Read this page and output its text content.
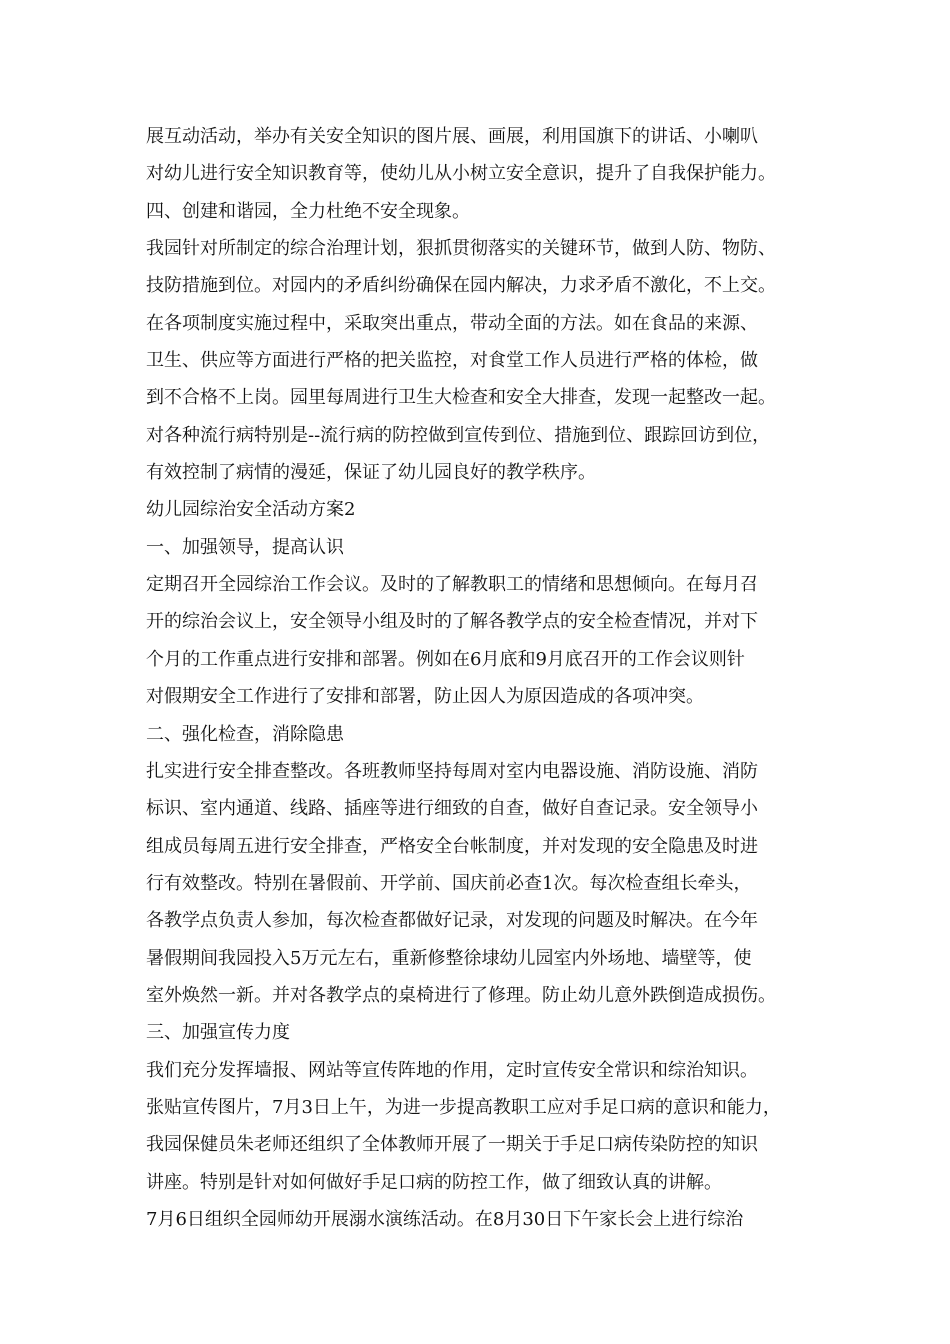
展互动活动，举办有关安全知识的图片展、画展，利用国旗下的讲话、小喇叭
对幼儿进行安全知识教育等，使幼儿从小树立安全意识，提升了自我保护能力。
四、创建和谐园，全力杜绝不安全现象。
我园针对所制定的综合治理计划，狠抓贯彻落实的关键环节，做到人防、物防、
技防措施到位。对园内的矛盾纠纷确保在园内解决，力求矛盾不激化，不上交。
在各项制度实施过程中，采取突出重点，带动全面的方法。如在食品的来源、
卫生、供应等方面进行严格的把关监控，对食堂工作人员进行严格的体检，做
到不合格不上岗。园里每周进行卫生大检查和安全大排查，发现一起整改一起。
对各种流行病特别是--流行病的防控做到宣传到位、措施到位、跟踪回访到位，
有效控制了病情的漫延，保证了幼儿园良好的教学秩序。
幼儿园综治安全活动方案2
一、加强领导，提高认识
定期召开全园综治工作会议。及时的了解教职工的情绪和思想倾向。在每月召
开的综治会议上，安全领导小组及时的了解各教学点的安全检查情况，并对下
个月的工作重点进行安排和部署。例如在6月底和9月底召开的工作会议则针
对假期安全工作进行了安排和部署，防止因人为原因造成的各项冲突。
二、强化检查，消除隐患
扎实进行安全排查整改。各班教师坚持每周对室内电器设施、消防设施、消防
标识、室内通道、线路、插座等进行细致的自查，做好自查记录。安全领导小
组成员每周五进行安全排查，严格安全台帐制度，并对发现的安全隐患及时进
行有效整改。特别在暑假前、开学前、国庆前必查1次。每次检查组长牵头，
各教学点负责人参加，每次检查都做好记录，对发现的问题及时解决。在今年
暑假期间我园投入5万元左右，重新修整徐埭幼儿园室内外场地、墙壁等，使
室外焕然一新。并对各教学点的桌椅进行了修理。防止幼儿意外跌倒造成损伤。
三、加强宣传力度
我们充分发挥墙报、网站等宣传阵地的作用，定时宣传安全常识和综治知识。
张贴宣传图片，7月3日上午，为进一步提高教职工应对手足口病的意识和能力，
我园保健员朱老师还组织了全体教师开展了一期关于手足口病传染防控的知识
讲座。特别是针对如何做好手足口病的防控工作，做了细致认真的讲解。
7月6日组织全园师幼开展溺水演练活动。在8月30日下午家长会上进行综治
